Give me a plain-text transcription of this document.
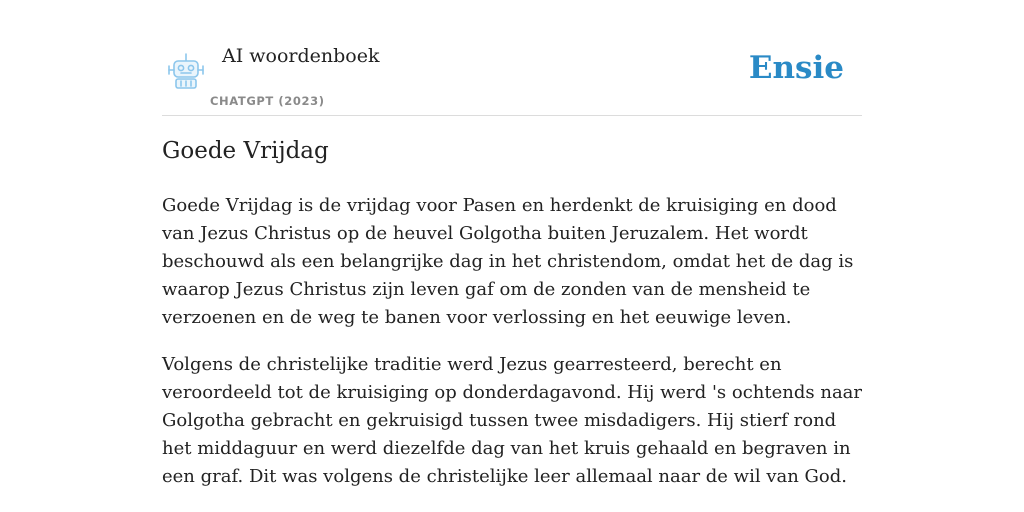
AI woordenboek
CHATGPT (2023)
Ensie
Goede Vrijdag

Goede Vrijdag is de vrijdag voor Pasen en herdenkt de kruisiging en dood van Jezus Christus op de heuvel Golgotha buiten Jeruzalem. Het wordt beschouwd als een belangrijke dag in het christendom, omdat het de dag is waarop Jezus Christus zijn leven gaf om de zonden van de mensheid te verzoenen en de weg te banen voor verlossing en het eeuwige leven.

Volgens de christelijke traditie werd Jezus gearresteerd, berecht en veroordeeld tot de kruisiging op donderdagavond. Hij werd 's ochtends naar Golgotha gebracht en gekruisigd tussen twee misdadigers. Hij stierf rond het middaguur en werd diezelfde dag van het kruis gehaald en begraven in een graf. Dit was volgens de christelijke leer allemaal naar de wil van God.
